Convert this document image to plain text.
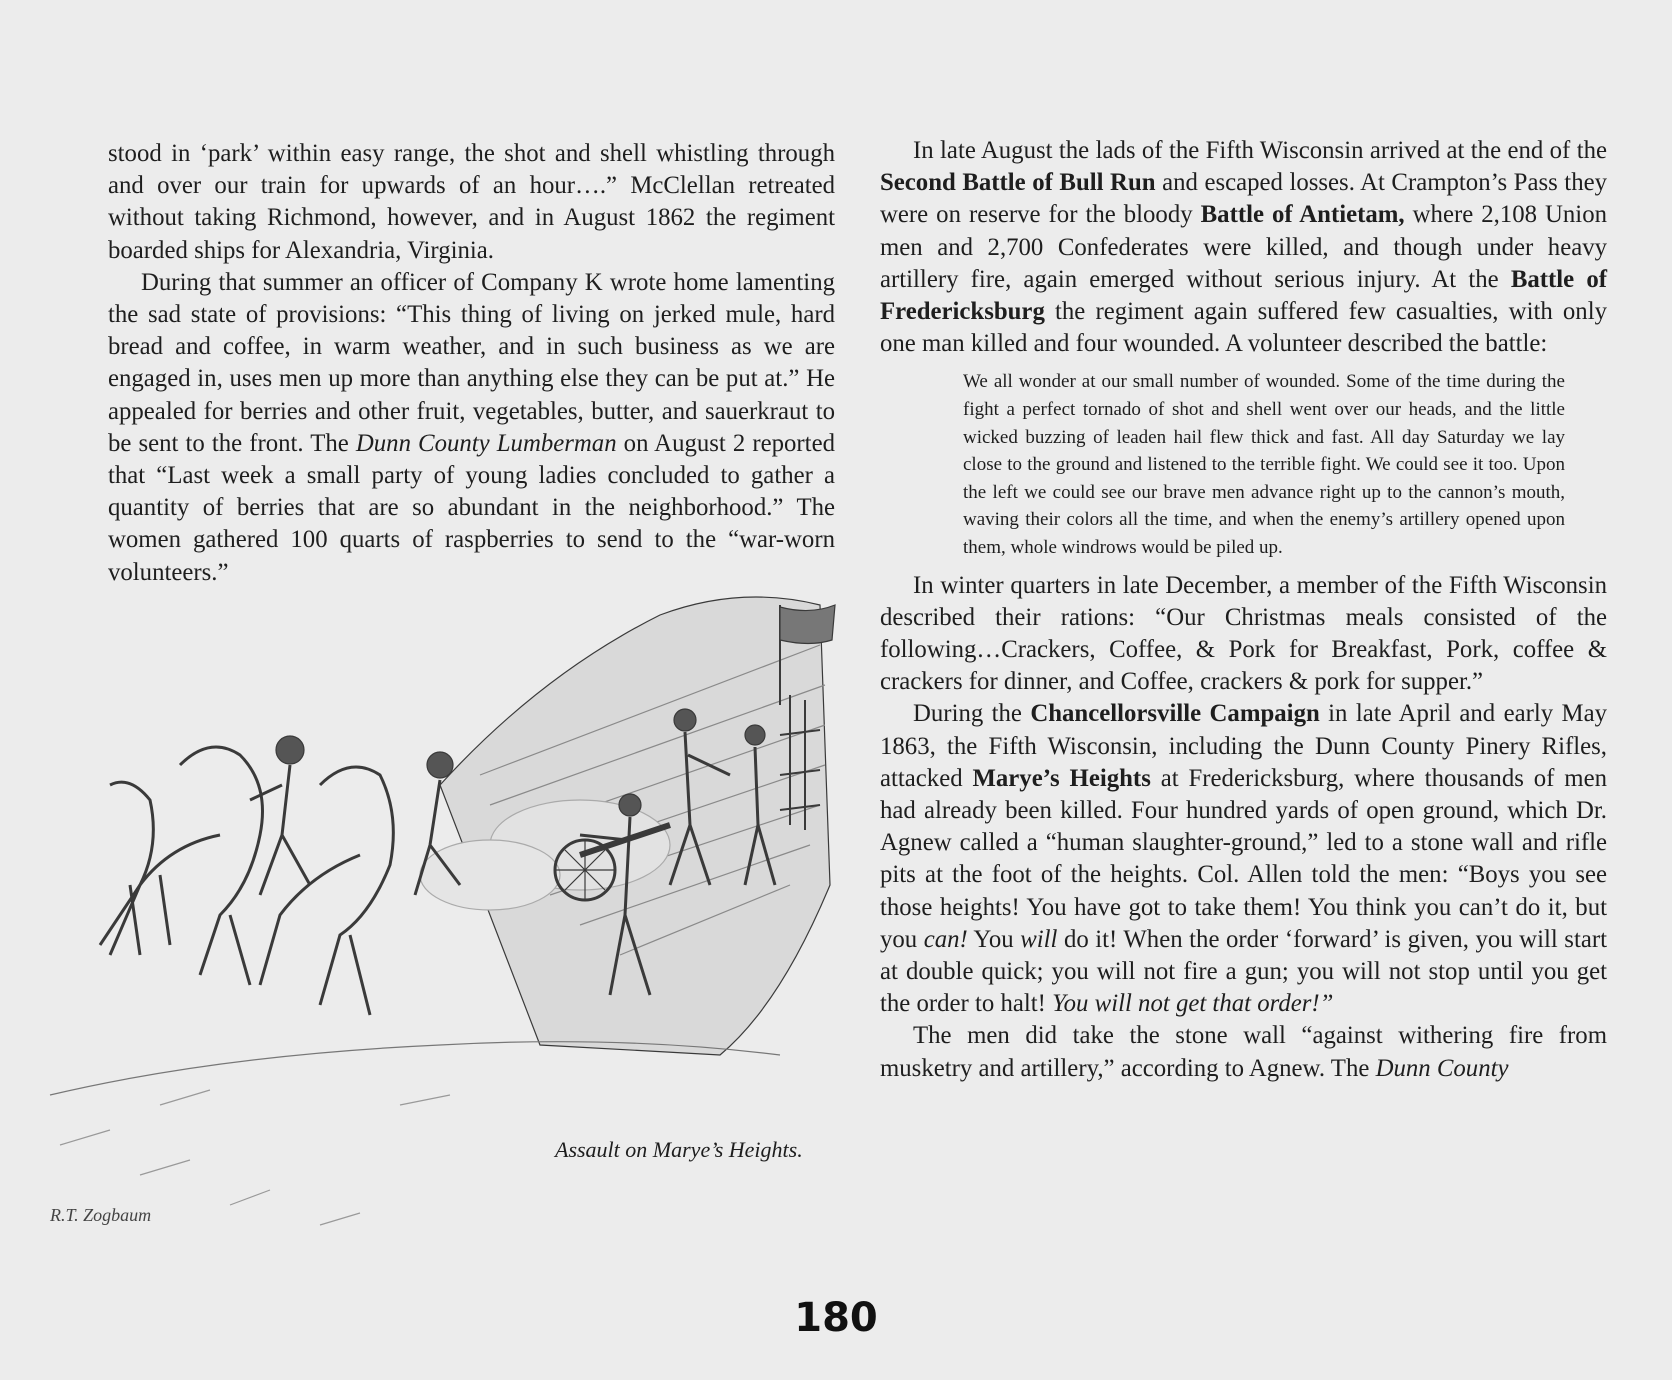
stood in ‘park’ within easy range, the shot and shell whistling through and over our train for upwards of an hour….” McClellan retreated without taking Richmond, however, and in August 1862 the regiment boarded ships for Alexandria, Virginia.

During that summer an officer of Company K wrote home lamenting the sad state of provisions: “This thing of living on jerked mule, hard bread and coffee, in warm weather, and in such business as we are engaged in, uses men up more than anything else they can be put at.” He appealed for berries and other fruit, vegetables, butter, and sauerkraut to be sent to the front. The Dunn County Lumberman on August 2 reported that “Last week a small party of young ladies concluded to gather a quantity of berries that are so abundant in the neighborhood.” The women gathered 100 quarts of raspberries to send to the “war-worn volunteers.”

Assault on Marye’s Heights.
R.T. Zogbaum

In late August the lads of the Fifth Wisconsin arrived at the end of the Second Battle of Bull Run and escaped losses. At Crampton’s Pass they were on reserve for the bloody Battle of Antietam, where 2,108 Union men and 2,700 Confederates were killed, and though under heavy artillery fire, again emerged without serious injury. At the Battle of Fredericksburg the regiment again suffered few casualties, with only one man killed and four wounded. A volunteer described the battle:

We all wonder at our small number of wounded. Some of the time during the fight a perfect tornado of shot and shell went over our heads, and the little wicked buzzing of leaden hail flew thick and fast. All day Saturday we lay close to the ground and listened to the terrible fight. We could see it too. Upon the left we could see our brave men advance right up to the cannon’s mouth, waving their colors all the time, and when the enemy’s artillery opened upon them, whole windrows would be piled up.

In winter quarters in late December, a member of the Fifth Wisconsin described their rations: “Our Christmas meals consisted of the following…Crackers, Coffee, & Pork for Breakfast, Pork, coffee & crackers for dinner, and Coffee, crackers & pork for supper.”

During the Chancellorsville Campaign in late April and early May 1863, the Fifth Wisconsin, including the Dunn County Pinery Rifles, attacked Marye’s Heights at Fredericksburg, where thousands of men had already been killed. Four hundred yards of open ground, which Dr. Agnew called a “human slaughter-ground,” led to a stone wall and rifle pits at the foot of the heights. Col. Allen told the men: “Boys you see those heights! You have got to take them! You think you can’t do it, but you can! You will do it! When the order ‘forward’ is given, you will start at double quick; you will not fire a gun; you will not stop until you get the order to halt! You will not get that order!”

The men did take the stone wall “against withering fire from musketry and artillery,” according to Agnew. The Dunn County

180
